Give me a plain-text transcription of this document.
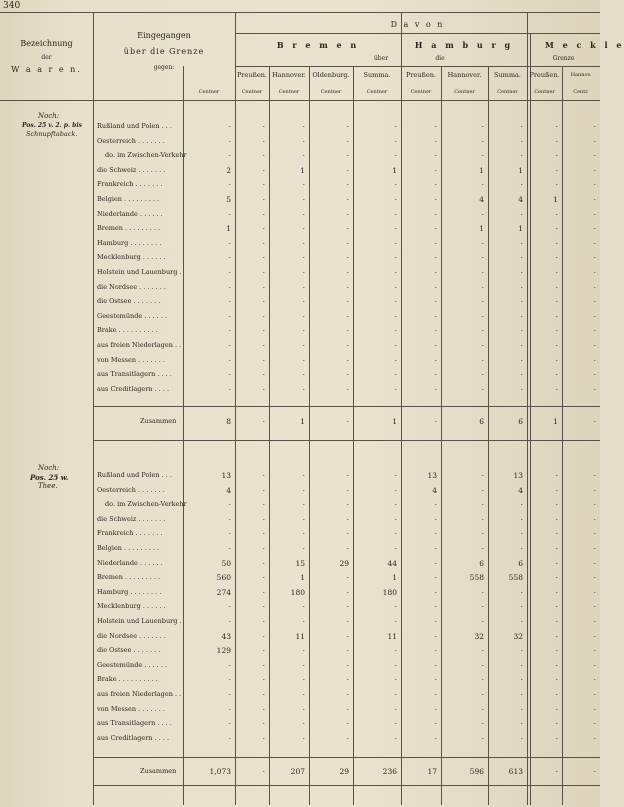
340
Bezeichnung
der
W a a r e n.
Eingegangen
über die Grenze
gegen:
D a v o n
B r e m e n	H a m b u r g	M e c k l e
über	die	Grenze
Preußen. Hannover. Oldenburg.	Summa.	Preußen.	Hannover.	Summa.	Preußen.	Hannov.
Centner	Centner	Centner	Centner	Centner	Centner	Centner	Centner	Centner	Centr.
Noch:
Pos. 25 v. 2. p. bis
Schnupftaback.
Noch:
Pos. 25 w.
Thee.
Rußland und Polen . . .	·	·	·	·	·	·	·	·	·	·
Oesterreich . . . . . . .	·	·	·	·	·	·	·	·	·	·
do. im Zwischen-Verkehr	·	·	·	·	·	·	·	·	·	·
die Schweiz . . . . . . .	2	·	1	·	1	·	1	1	·	·
Frankreich . . . . . . .	·	·	·	·	·	·	·	·	·	·
Belgien . . . . . . . . .	5	·	·	·	·	·	4	4	1	·
Niederlande . . . . . .	·	·	·	·	·	·	·	·	·	·
Bremen . . . . . . . . .	1	·	·	·	·	·	1	1	·	·
Hamburg . . . . . . . .	·	·	·	·	·	·	·	·	·	·
Mecklenburg . . . . . .	·	·	·	·	·	·	·	·	·	·
Holstein und Lauenburg .	·	·	·	·	·	·	·	·	·	·
die Nordsee . . . . . . .	·	·	·	·	·	·	·	·	·	·
die Ostsee . . . . . . .	·	·	·	·	·	·	·	·	·	·
Geestemünde . . . . . .	·	·	·	·	·	·	·	·	·	·
Brake . . . . . . . . . .	·	·	·	·	·	·	·	·	·	·
aus freien Niederlagen . .	·	·	·	·	·	·	·	·	·	·
von Messen . . . . . . .	·	·	·	·	·	·	·	·	·	·
aus Transitlagern . . . .	·	·	·	·	·	·	·	·	·	·
aus Creditlagern . . . .	·	·	·	·	·	·	·	·	·	·
Zusammen	8	·	1	·	1	·	6	6	1	·
Rußland und Polen . . .	13	·	·	·	·	13	·	13	·	·
Oesterreich . . . . . . .	4	·	·	·	·	4	·	4	·	·
do. im Zwischen-Verkehr	·	·	·	·	·	·	·	·	·	·
die Schweiz . . . . . . .	·	·	·	·	·	·	·	·	·	·
Frankreich . . . . . . .	·	·	·	·	·	·	·	·	·	·
Belgien . . . . . . . . .	·	·	·	·	·	·	·	·	·	·
Niederlande . . . . . .	50	·	15	29	44	·	6	6	·	·
Bremen . . . . . . . . .	560	·	1	·	1	·	558	558	·	·
Hamburg . . . . . . . .	274	·	180	·	180	·	·	·	·	·
Mecklenburg . . . . . .	·	·	·	·	·	·	·	·	·	·
Holstein und Lauenburg .	·	·	·	·	·	·	·	·	·	·
die Nordsee . . . . . . .	43	·	11	·	11	·	32	32	·	·
die Ostsee . . . . . . .	129	·	·	·	·	·	·	·	·	·
Geestemünde . . . . . .	·	·	·	·	·	·	·	·	·	·
Brake . . . . . . . . . .	·	·	·	·	·	·	·	·	·	·
aus freien Niederlagen . .	·	·	·	·	·	·	·	·	·	·
von Messen . . . . . . .	·	·	·	·	·	·	·	·	·	·
aus Transitlagern . . . .	·	·	·	·	·	·	·	·	·	·
aus Creditlagern . . . .	·	·	·	·	·	·	·	·	·	·
Zusammen	1,073	·	207	29	236	17	596	613	·	·
